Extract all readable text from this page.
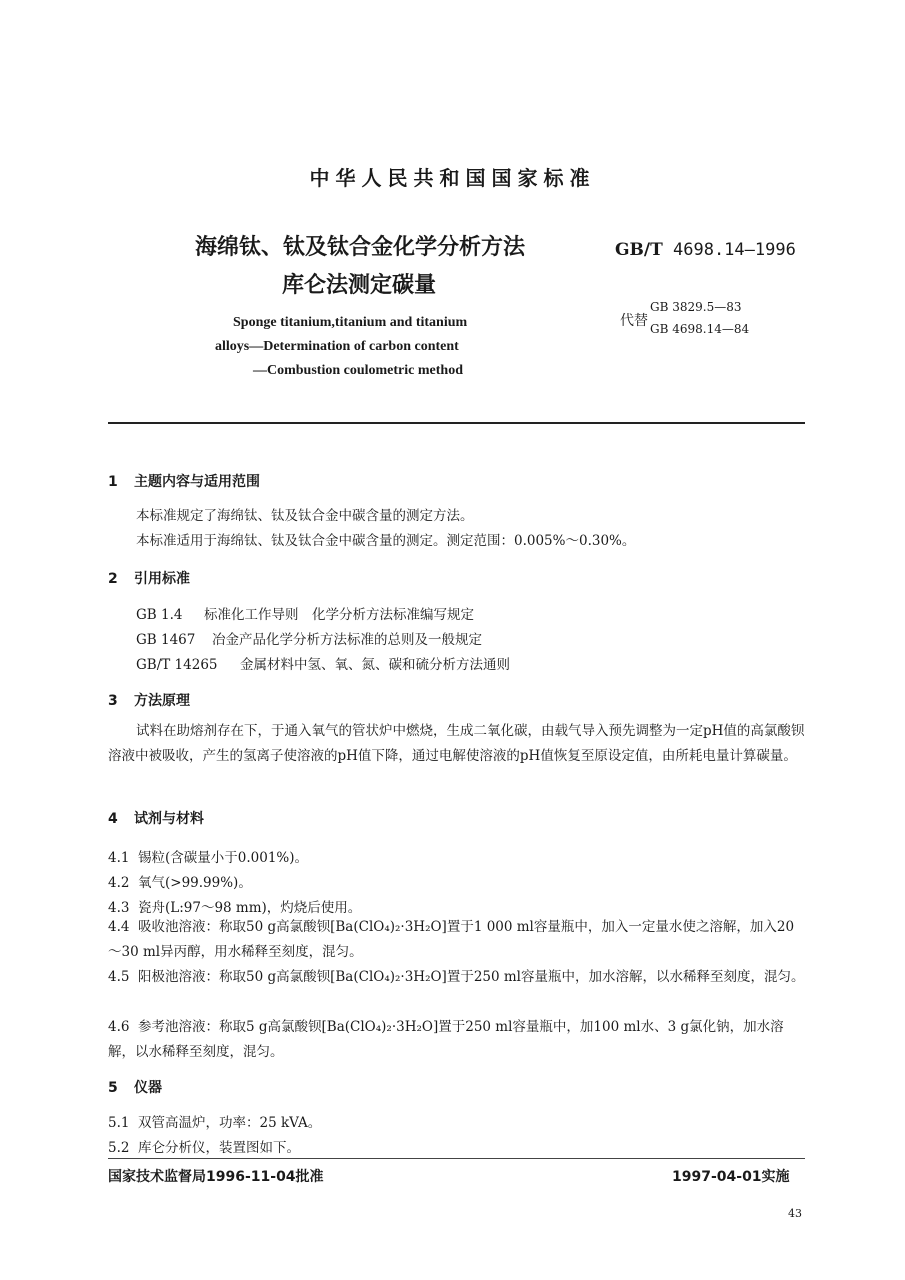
中华人民共和国国家标准
海绵钛、钛及钛合金化学分析方法
库仑法测定碳量
GB/T 4698.14—1996
代替
GB 3829.5—83
GB 4698.14—84
Sponge titanium,titanium and titanium
alloys—Determination of carbon content
—Combustion coulometric method
1 主题内容与适用范围
本标准规定了海绵钛、钛及钛合金中碳含量的测定方法。
本标准适用于海绵钛、钛及钛合金中碳含量的测定。测定范围：0.005%～0.30%。
2 引用标准
GB 1.4 标准化工作导则　化学分析方法标准编写规定
GB 1467 冶金产品化学分析方法标准的总则及一般规定
GB/T 14265 金属材料中氢、氧、氮、碳和硫分析方法通则
3 方法原理
试料在助熔剂存在下，于通入氧气的管状炉中燃烧，生成二氧化碳，由载气导入预先调整为一定pH值的高氯酸钡溶液中被吸收，产生的氢离子使溶液的pH值下降，通过电解使溶液的pH值恢复至原设定值，由所耗电量计算碳量。
4 试剂与材料
4.1 锡粒(含碳量小于0.001%)。
4.2 氧气(>99.99%)。
4.3 瓷舟(L:97～98 mm)，灼烧后使用。
4.4 吸收池溶液：称取50 g高氯酸钡[Ba(ClO₄)₂·3H₂O]置于1 000 ml容量瓶中，加入一定量水使之溶解，加入20～30 ml异丙醇，用水稀释至刻度，混匀。
4.5 阳极池溶液：称取50 g高氯酸钡[Ba(ClO₄)₂·3H₂O]置于250 ml容量瓶中，加水溶解，以水稀释至刻度，混匀。
4.6 参考池溶液：称取5 g高氯酸钡[Ba(ClO₄)₂·3H₂O]置于250 ml容量瓶中，加100 ml水、3 g氯化钠，加水溶解，以水稀释至刻度，混匀。
5 仪器
5.1 双管高温炉，功率：25 kVA。
5.2 库仑分析仪，装置图如下。
国家技术监督局1996-11-04批准	1997-04-01实施
43
